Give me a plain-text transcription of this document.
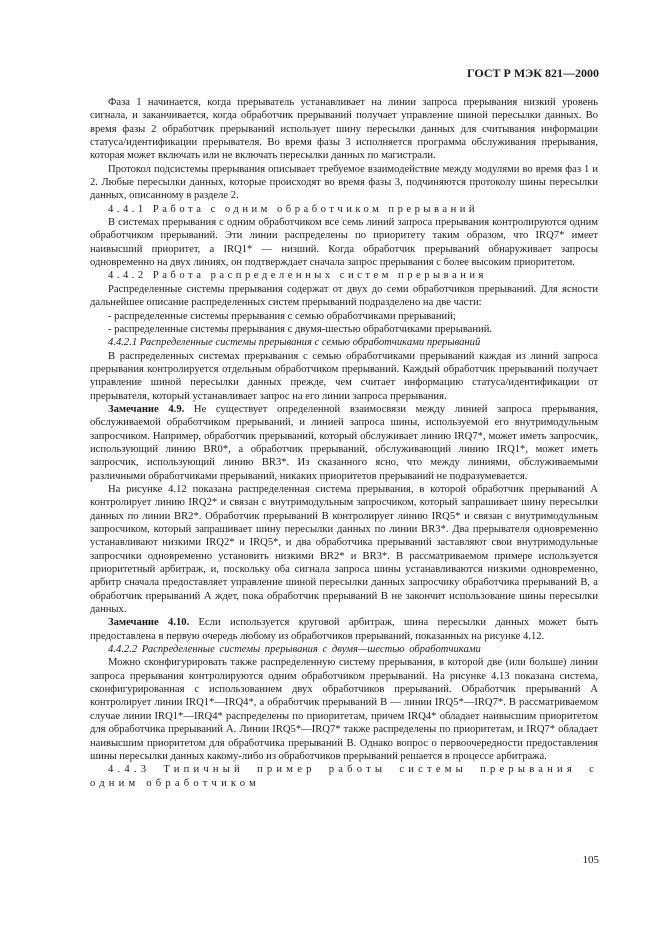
ГОСТ Р МЭК 821—2000

Фаза 1 начинается, когда прерыватель устанавливает на линии запроса прерывания низкий уровень сигнала, и заканчивается, когда обработчик прерываний получает управление шиной пересылки данных. Во время фазы 2 обработчик прерываний использует шину пересылки данных для считывания информации статуса/идентификации прерывателя. Во время фазы 3 исполняется программа обслуживания прерывания, которая может включать или не включать пересылки данных по магистрали.

Протокол подсистемы прерывания описывает требуемое взаимодействие между модулями во время фаз 1 и 2. Любые пересылки данных, которые происходят во время фазы 3, подчиняются протоколу шины пересылки данных, описанному в разделе 2.

4.4.1 Работа с одним обработчиком прерываний

В системах прерывания с одним обработчиком все семь линий запроса прерывания контролируются одним обработчиком прерываний. Эти линии распределены по приоритету таким образом, что IRQ7* имеет наивысший приоритет, а IRQ1* — низший. Когда обработчик прерываний обнаруживает запросы одновременно на двух линиях, он подтверждает сначала запрос прерывания с более высоким приоритетом.

4.4.2 Работа распределенных систем прерывания

Распределенные системы прерывания содержат от двух до семи обработчиков прерываний. Для ясности дальнейшее описание распределенных систем прерываний подразделено на две части:

- распределенные системы прерывания с семью обработчиками прерываний;

- распределенные системы прерывания с двумя-шестью обработчиками прерываний.

4.4.2.1 Распределенные системы прерывания с семью обработчиками прерываний

В распределенных системах прерывания с семью обработчиками прерываний каждая из линий запроса прерывания контролируется отдельным обработчиком прерываний. Каждый обработчик прерываний получает управление шиной пересылки данных прежде, чем считает информацию статуса/идентификации от прерывателя, который устанавливает запрос на его линии запроса прерывания.

Замечание 4.9. Не существует определенной взаимосвязи между линией запроса прерывания, обслуживаемой обработчиком прерываний, и линией запроса шины, используемой его внутримодульным запросчиком. Например, обработчик прерываний, который обслуживает линию IRQ7*, может иметь запросчик, использующий линию BR0*, а обработчик прерываний, обслуживающий линию IRQ1*, может иметь запросчик, использующий линию BR3*. Из сказанного ясно, что между линиями, обслуживаемыми различными обработчиками прерываний, никаких приоритетов прерываний не подразумевается.

На рисунке 4.12 показана распределенная система прерывания, в которой обработчик прерываний А контролирует линию IRQ2* и связан с внутримодульным запросчиком, который запрашивает шину пересылки данных по линии BR2*. Обработчик прерываний В контролирует линию IRQ5* и связан с внутримодульным запросчиком, который запрашивает шину пересылки данных по линии BR3*. Два прерывателя одновременно устанавливают низкими IRQ2* и IRQ5*, и два обработчика прерываний заставляют свои внутримодульные запросчики одновременно установить низкими BR2* и BR3*. В рассматриваемом примере используется приоритетный арбитраж, и, поскольку оба сигнала запроса шины устанавливаются низкими одновременно, арбитр сначала предоставляет управление шиной пересылки данных запросчику обработчика прерываний В, а обработчик прерываний А ждет, пока обработчик прерываний В не закончит использование шины пересылки данных.

Замечание 4.10. Если используется круговой арбитраж, шина пересылки данных может быть предоставлена в первую очередь любому из обработчиков прерываний, показанных на рисунке 4.12.

4.4.2.2 Распределенные системы прерывания с двумя—шестью обработчиками

Можно сконфигурировать также распределенную систему прерывания, в которой две (или больше) линии запроса прерывания контролируются одним обработчиком прерываний. На рисунке 4.13 показана система, сконфигурированная с использованием двух обработчиков прерываний. Обработчик прерываний А контролирует линии IRQ1*—IRQ4*, а обработчик прерываний В — линии IRQ5*—IRQ7*. В рассматриваемом случае линии IRQ1*—IRQ4* распределены по приоритетам, причем IRQ4* обладает наивысшим приоритетом для обработчика прерываний А. Линии IRQ5*—IRQ7* также распределены по приоритетам, и IRQ7* обладает наивысшим приоритетом для обработчика прерываний В. Однако вопрос о первоочередности предоставления шины пересылки данных какому-либо из обработчиков прерываний решается в процессе арбитража.

4.4.3 Типичный пример работы системы прерывания с одним обработчиком

105
